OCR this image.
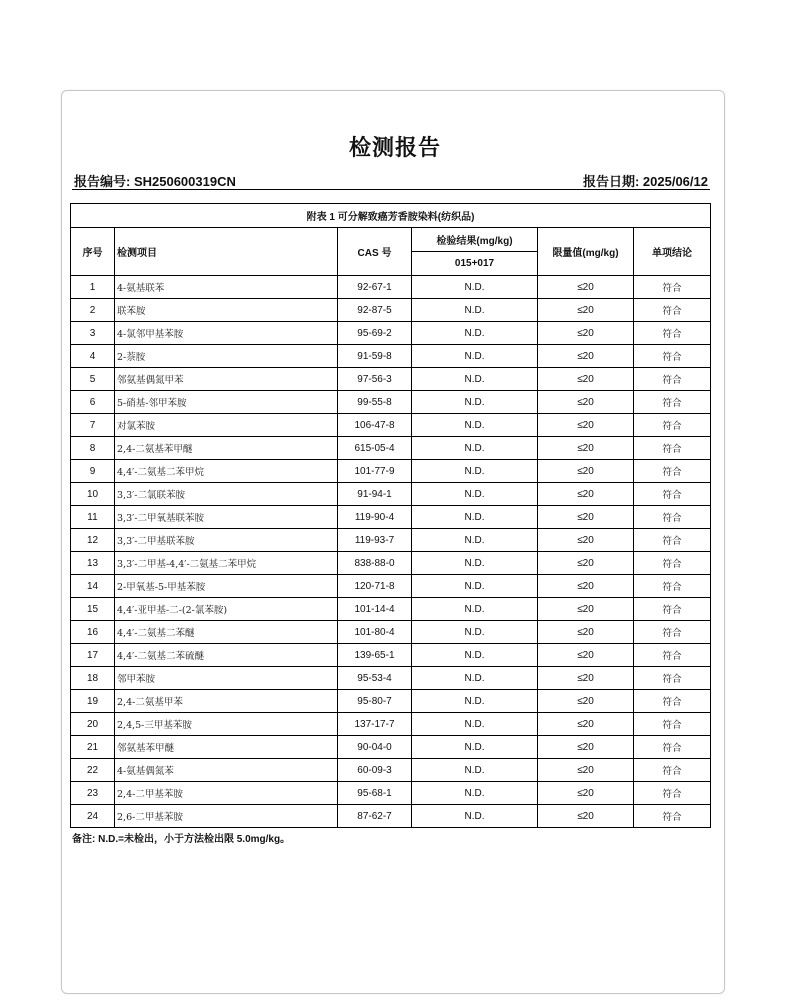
检测报告
报告编号: SH250600319CN	报告日期: 2025/06/12
附表 1 可分解致癌芳香胺染料(纺织品)					
序号	检测项目	CAS 号	检验结果(mg/kg)	限量值(mg/kg)	单项结论
			015+017		
1	4-氨基联苯	92-67-1	N.D.	≤20	符合
2	联苯胺	92-87-5	N.D.	≤20	符合
3	4-氯邻甲基苯胺	95-69-2	N.D.	≤20	符合
4	2-萘胺	91-59-8	N.D.	≤20	符合
5	邻氨基偶氮甲苯	97-56-3	N.D.	≤20	符合
6	5-硝基-邻甲苯胺	99-55-8	N.D.	≤20	符合
7	对氯苯胺	106-47-8	N.D.	≤20	符合
8	2,4-二氨基苯甲醚	615-05-4	N.D.	≤20	符合
9	4,4′-二氨基二苯甲烷	101-77-9	N.D.	≤20	符合
10	3,3′-二氯联苯胺	91-94-1	N.D.	≤20	符合
11	3,3′-二甲氧基联苯胺	119-90-4	N.D.	≤20	符合
12	3,3′-二甲基联苯胺	119-93-7	N.D.	≤20	符合
13	3,3′-二甲基-4,4′-二氨基二苯甲烷	838-88-0	N.D.	≤20	符合
14	2-甲氧基-5-甲基苯胺	120-71-8	N.D.	≤20	符合
15	4,4′-亚甲基-二-(2-氯苯胺)	101-14-4	N.D.	≤20	符合
16	4,4′-二氨基二苯醚	101-80-4	N.D.	≤20	符合
17	4,4′-二氨基二苯硫醚	139-65-1	N.D.	≤20	符合
18	邻甲苯胺	95-53-4	N.D.	≤20	符合
19	2,4-二氨基甲苯	95-80-7	N.D.	≤20	符合
20	2,4,5-三甲基苯胺	137-17-7	N.D.	≤20	符合
21	邻氨基苯甲醚	90-04-0	N.D.	≤20	符合
22	4-氨基偶氮苯	60-09-3	N.D.	≤20	符合
23	2,4-二甲基苯胺	95-68-1	N.D.	≤20	符合
24	2,6-二甲基苯胺	87-62-7	N.D.	≤20	符合
备注: N.D.=未检出，小于方法检出限 5.0mg/kg。
